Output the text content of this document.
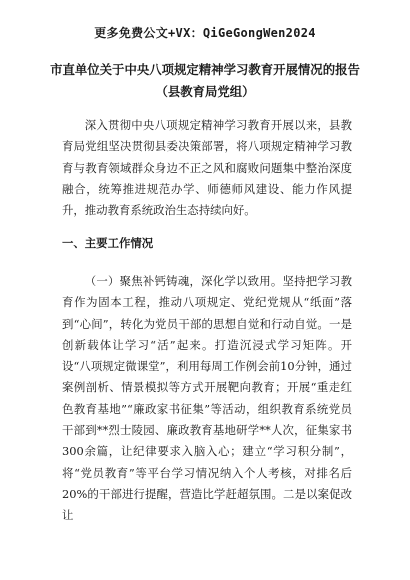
更多免费公文+VX：QiGeGongWen2024
市直单位关于中央八项规定精神学习教育开展情况的报告
（县教育局党组）

深入贯彻中央八项规定精神学习教育开展以来，县教育局党组坚决贯彻县委决策部署，将八项规定精神学习教育与教育领域群众身边不正之风和腐败问题集中整治深度融合，统筹推进规范办学、师德师风建设、能力作风提升，推动教育系统政治生态持续向好。

一、主要工作情况

（一）聚焦补钙铸魂，深化学以致用。坚持把学习教育作为固本工程，推动八项规定、党纪党规从“纸面”落到“心间”，转化为党员干部的思想自觉和行动自觉。一是创新载体让学习“活”起来。打造沉浸式学习矩阵。开设“八项规定微课堂”，利用每周工作例会前10分钟，通过案例剖析、情景模拟等方式开展靶向教育；开展“重走红色教育基地”“廉政家书征集”等活动，组织教育系统党员干部到**烈士陵园、廉政教育基地研学**人次，征集家书300余篇，让纪律要求入脑入心；建立“学习积分制”，将“党员教育”等平台学习情况纳入个人考核，对排名后20%的干部进行提醒，营造比学赶超氛围。二是以案促改让
